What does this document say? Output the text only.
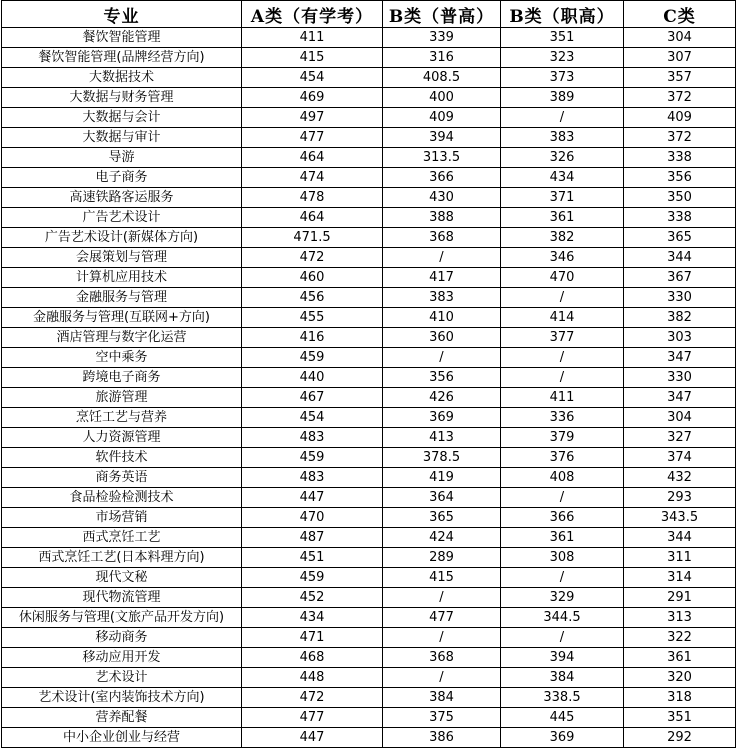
专业	A类（有学考）	B类（普高）	B类（职高）	C类
餐饮智能管理	411	339	351	304
餐饮智能管理(品牌经营方向)	415	316	323	307
大数据技术	454	408.5	373	357
大数据与财务管理	469	400	389	372
大数据与会计	497	409	/	409
大数据与审计	477	394	383	372
导游	464	313.5	326	338
电子商务	474	366	434	356
高速铁路客运服务	478	430	371	350
广告艺术设计	464	388	361	338
广告艺术设计(新媒体方向)	471.5	368	382	365
会展策划与管理	472	/	346	344
计算机应用技术	460	417	470	367
金融服务与管理	456	383	/	330
金融服务与管理(互联网+方向)	455	410	414	382
酒店管理与数字化运营	416	360	377	303
空中乘务	459	/	/	347
跨境电子商务	440	356	/	330
旅游管理	467	426	411	347
烹饪工艺与营养	454	369	336	304
人力资源管理	483	413	379	327
软件技术	459	378.5	376	374
商务英语	483	419	408	432
食品检验检测技术	447	364	/	293
市场营销	470	365	366	343.5
西式烹饪工艺	487	424	361	344
西式烹饪工艺(日本料理方向)	451	289	308	311
现代文秘	459	415	/	314
现代物流管理	452	/	329	291
休闲服务与管理(文旅产品开发方向)	434	477	344.5	313
移动商务	471	/	/	322
移动应用开发	468	368	394	361
艺术设计	448	/	384	320
艺术设计(室内装饰技术方向)	472	384	338.5	318
营养配餐	477	375	445	351
中小企业创业与经营	447	386	369	292
